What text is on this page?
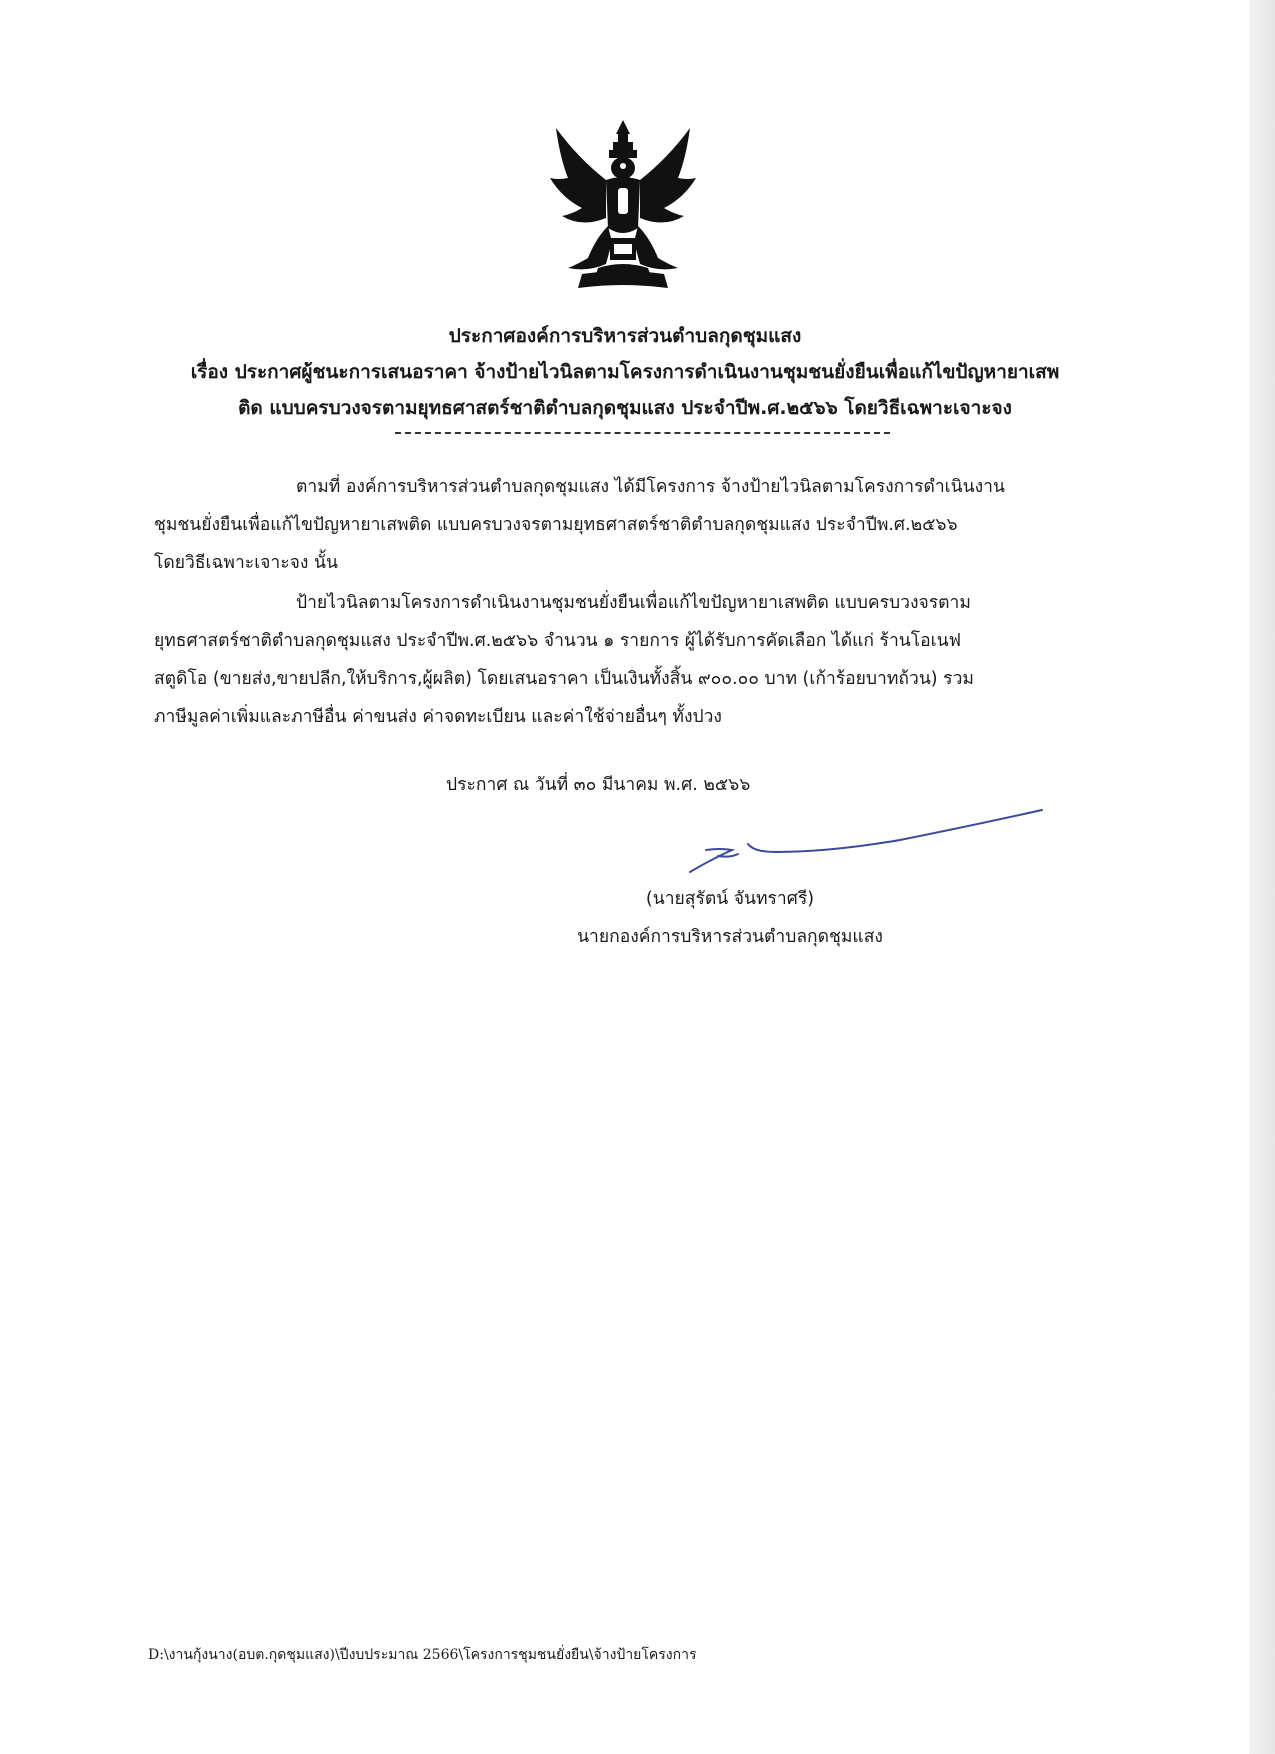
ประกาศองค์การบริหารส่วนตำบลกุดชุมแสง
เรื่อง ประกาศผู้ชนะการเสนอราคา จ้างป้ายไวนิลตามโครงการดำเนินงานชุมชนยั่งยืนเพื่อแก้ไขปัญหายาเสพ
ติด แบบครบวงจรตามยุทธศาสตร์ชาติตำบลกุดชุมแสง ประจำปีพ.ศ.๒๕๖๖ โดยวิธีเฉพาะเจาะจง
ตามที่ องค์การบริหารส่วนตำบลกุดชุมแสง ได้มีโครงการ จ้างป้ายไวนิลตามโครงการดำเนินงาน
ชุมชนยั่งยืนเพื่อแก้ไขปัญหายาเสพติด แบบครบวงจรตามยุทธศาสตร์ชาติตำบลกุดชุมแสง ประจำปีพ.ศ.๒๕๖๖
โดยวิธีเฉพาะเจาะจง นั้น
ป้ายไวนิลตามโครงการดำเนินงานชุมชนยั่งยืนเพื่อแก้ไขปัญหายาเสพติด แบบครบวงจรตาม
ยุทธศาสตร์ชาติตำบลกุดชุมแสง ประจำปีพ.ศ.๒๕๖๖ จำนวน ๑ รายการ ผู้ได้รับการคัดเลือก ได้แก่ ร้านโอเนฟ
สตูดิโอ (ขายส่ง,ขายปลีก,ให้บริการ,ผู้ผลิต) โดยเสนอราคา เป็นเงินทั้งสิ้น ๙๐๐.๐๐ บาท (เก้าร้อยบาทถ้วน) รวม
ภาษีมูลค่าเพิ่มและภาษีอื่น ค่าขนส่ง ค่าจดทะเบียน และค่าใช้จ่ายอื่นๆ ทั้งปวง
ประกาศ ณ วันที่ ๓๐ มีนาคม พ.ศ. ๒๕๖๖
(นายสุรัตน์ จันทราศรี)
นายกองค์การบริหารส่วนตำบลกุดชุมแสง
D:\งานกุ้งนาง(อบต.กุดชุมแสง)\ปีงบประมาณ 2566\โครงการชุมชนยั่งยืน\จ้างป้ายโครงการ
